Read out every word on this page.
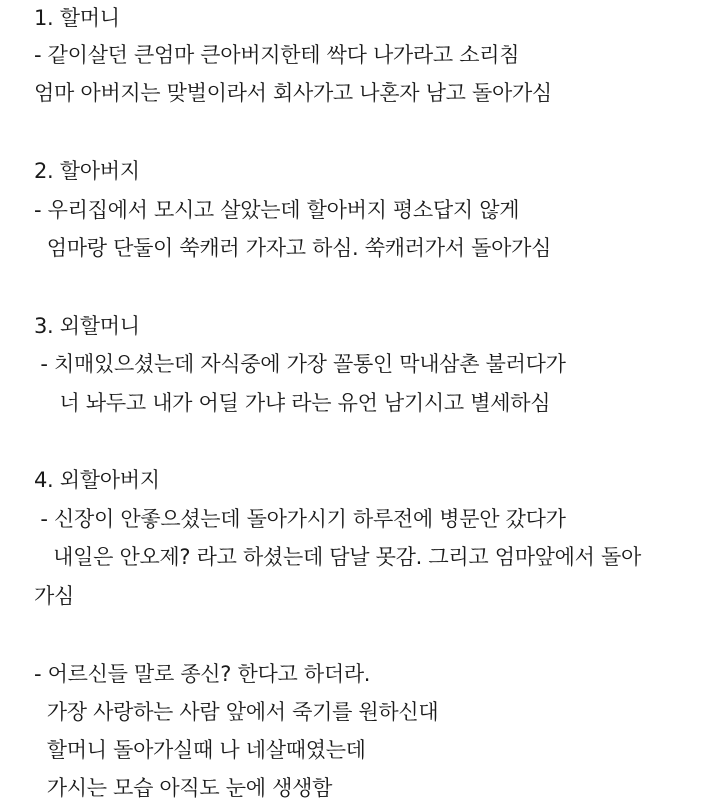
1. 할머니
- 같이살던 큰엄마 큰아버지한테 싹다 나가라고 소리침
엄마 아버지는 맞벌이라서 회사가고 나혼자 남고 돌아가심
2. 할아버지
- 우리집에서 모시고 살았는데 할아버지 평소답지 않게
엄마랑 단둘이 쑥캐러 가자고 하심. 쑥캐러가서 돌아가심
3. 외할머니
- 치매있으셨는데 자식중에 가장 꼴통인 막내삼촌 불러다가
너 놔두고 내가 어딜 가냐 라는 유언 남기시고 별세하심
4. 외할아버지
- 신장이 안좋으셨는데 돌아가시기 하루전에 병문안 갔다가
내일은 안오제? 라고 하셨는데 담날 못감. 그리고 엄마앞에서 돌아
가심
- 어르신들 말로 종신? 한다고 하더라.
가장 사랑하는 사람 앞에서 죽기를 원하신대
할머니 돌아가실때 나 네살때였는데
가시는 모습 아직도 눈에 생생함
